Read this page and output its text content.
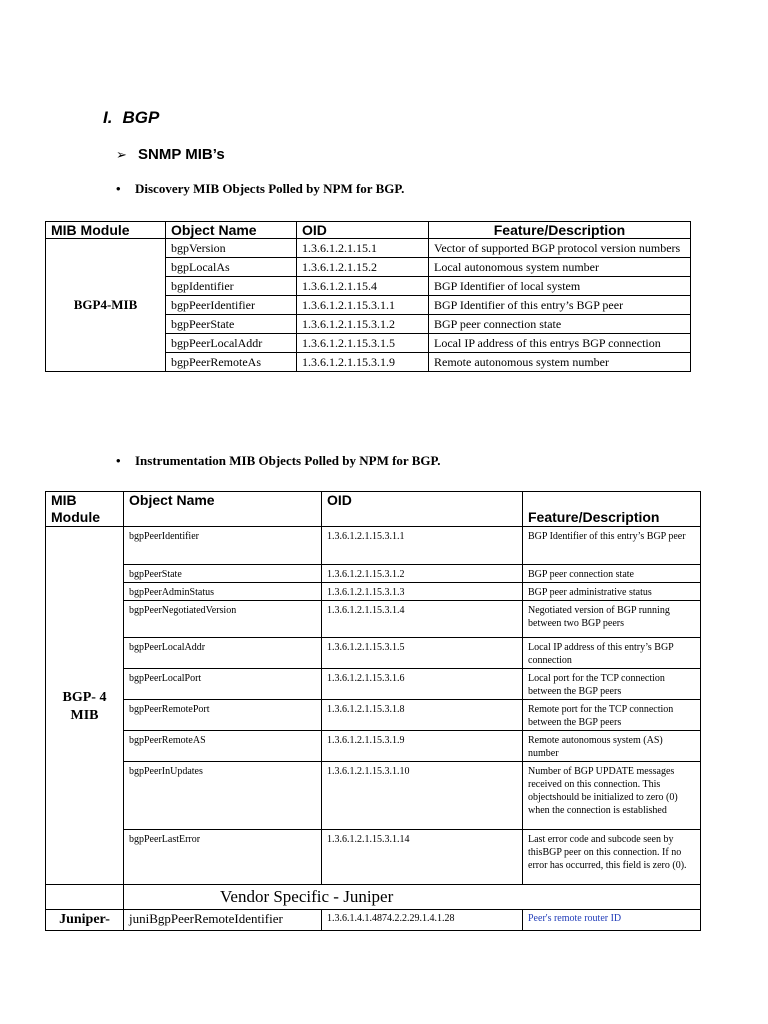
I. BGP

➢ SNMP MIB’s

• Discovery MIB Objects Polled by NPM for BGP.

MIB Module	Object Name	OID	Feature/Description
BGP4-MIB	bgpVersion	1.3.6.1.2.1.15.1	Vector of supported BGP protocol version numbers
	bgpLocalAs	1.3.6.1.2.1.15.2	Local autonomous system number
	bgpIdentifier	1.3.6.1.2.1.15.4	BGP Identifier of local system
	bgpPeerIdentifier	1.3.6.1.2.1.15.3.1.1	BGP Identifier of this entry’s BGP peer
	bgpPeerState	1.3.6.1.2.1.15.3.1.2	BGP peer connection state
	bgpPeerLocalAddr	1.3.6.1.2.1.15.3.1.5	Local IP address of this entrys BGP connection
	bgpPeerRemoteAs	1.3.6.1.2.1.15.3.1.9	Remote autonomous system number

• Instrumentation MIB Objects Polled by NPM for BGP.

MIB Module	Object Name	OID	Feature/Description
BGP- 4 MIB	bgpPeerIdentifier	1.3.6.1.2.1.15.3.1.1	BGP Identifier of this entry’s BGP peer
	bgpPeerState	1.3.6.1.2.1.15.3.1.2	BGP peer connection state
	bgpPeerAdminStatus	1.3.6.1.2.1.15.3.1.3	BGP peer administrative status
	bgpPeerNegotiatedVersion	1.3.6.1.2.1.15.3.1.4	Negotiated version of BGP running between two BGP peers
	bgpPeerLocalAddr	1.3.6.1.2.1.15.3.1.5	Local IP address of this entry’s BGP connection
	bgpPeerLocalPort	1.3.6.1.2.1.15.3.1.6	Local port for the TCP connection between the BGP peers
	bgpPeerRemotePort	1.3.6.1.2.1.15.3.1.8	Remote port for the TCP connection between the BGP peers
	bgpPeerRemoteAS	1.3.6.1.2.1.15.3.1.9	Remote autonomous system (AS) number
	bgpPeerInUpdates	1.3.6.1.2.1.15.3.1.10	Number of BGP UPDATE messages received on this connection. This objectshould be initialized to zero (0) when the connection is established
	bgpPeerLastError	1.3.6.1.2.1.15.3.1.14	Last error code and subcode seen by thisBGP peer on this connection. If no error has occurred, this field is zero (0).
	Vendor Specific - Juniper		
Juniper-	juniBgpPeerRemoteIdentifier	1.3.6.1.4.1.4874.2.2.29.1.4.1.28	Peer's remote router ID
